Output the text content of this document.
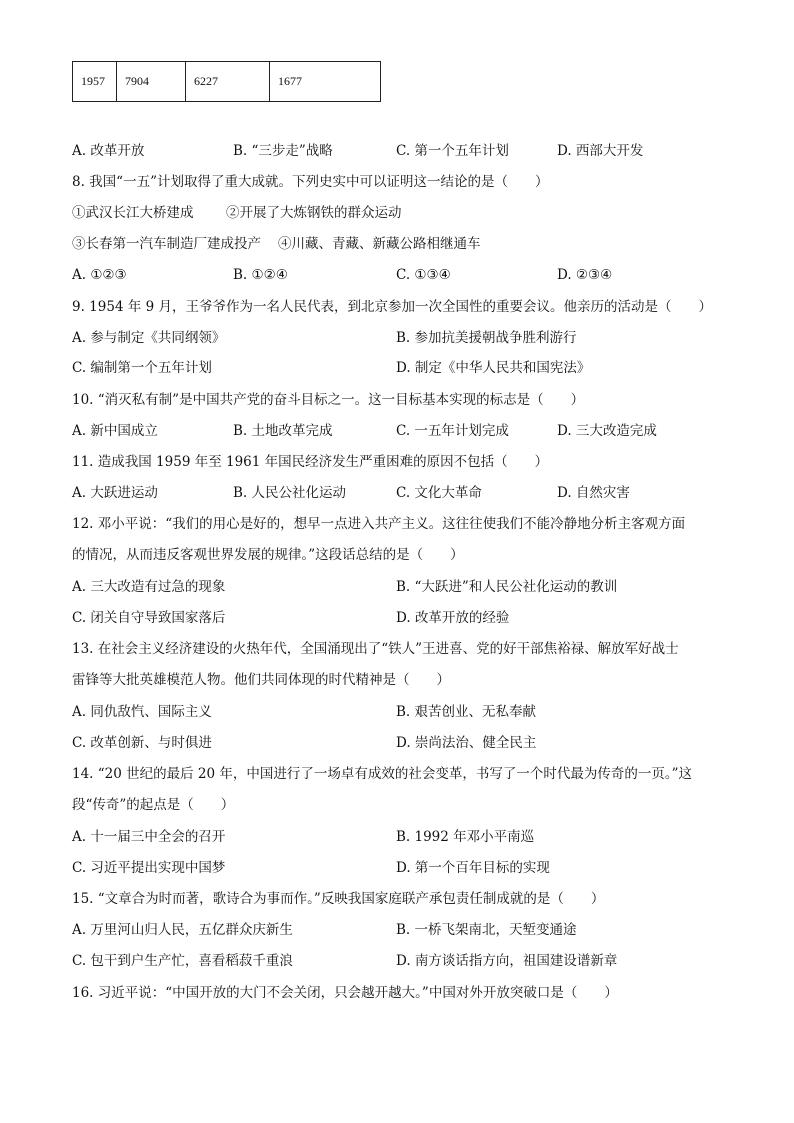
1957	7904	6227	1677
A. 改革开放	B. “三步走”战略	C. 第一个五年计划	D. 西部大开发
8. 我国“一五”计划取得了重大成就。下列史实中可以证明这一结论的是（　　）
①武汉长江大桥建成 ②开展了大炼钢铁的群众运动
③长春第一汽车制造厂建成投产 ④川藏、青藏、新藏公路相继通车
A. ①②③	B. ①②④	C. ①③④	D. ②③④
9. 1954 年 9 月，王爷爷作为一名人民代表，到北京参加一次全国性的重要会议。他亲历的活动是（　　）
A. 参与制定《共同纲领》	B. 参加抗美援朝战争胜利游行
C. 编制第一个五年计划	D. 制定《中华人民共和国宪法》
10. “消灭私有制”是中国共产党的奋斗目标之一。这一目标基本实现的标志是（　　）
A. 新中国成立	B. 土地改革完成	C. 一五年计划完成	D. 三大改造完成
11. 造成我国 1959 年至 1961 年国民经济发生严重困难的原因不包括（　　）
A. 大跃进运动	B. 人民公社化运动	C. 文化大革命	D. 自然灾害
12. 邓小平说：“我们的用心是好的，想早一点进入共产主义。这往往使我们不能冷静地分析主客观方面
的情况，从而违反客观世界发展的规律。”这段话总结的是（　　）
A. 三大改造有过急的现象	B. “大跃进”和人民公社化运动的教训
C. 闭关自守导致国家落后	D. 改革开放的经验
13. 在社会主义经济建设的火热年代，全国涌现出了“铁人”王进喜、党的好干部焦裕禄、解放军好战士
雷锋等大批英雄模范人物。他们共同体现的时代精神是（　　）
A. 同仇敌忾、国际主义	B. 艰苦创业、无私奉献
C. 改革创新、与时俱进	D. 崇尚法治、健全民主
14. “20 世纪的最后 20 年，中国进行了一场卓有成效的社会变革，书写了一个时代最为传奇的一页。”这
段“传奇”的起点是（　　）
A. 十一届三中全会的召开	B. 1992 年邓小平南巡
C. 习近平提出实现中国梦	D. 第一个百年目标的实现
15. “文章合为时而著，歌诗合为事而作。”反映我国家庭联产承包责任制成就的是（　　）
A. 万里河山归人民，五亿群众庆新生	B. 一桥飞架南北，天堑变通途
C. 包干到户生产忙，喜看稻菽千重浪	D. 南方谈话指方向，祖国建设谱新章
16. 习近平说：“中国开放的大门不会关闭，只会越开越大。”中国对外开放突破口是（　　）
